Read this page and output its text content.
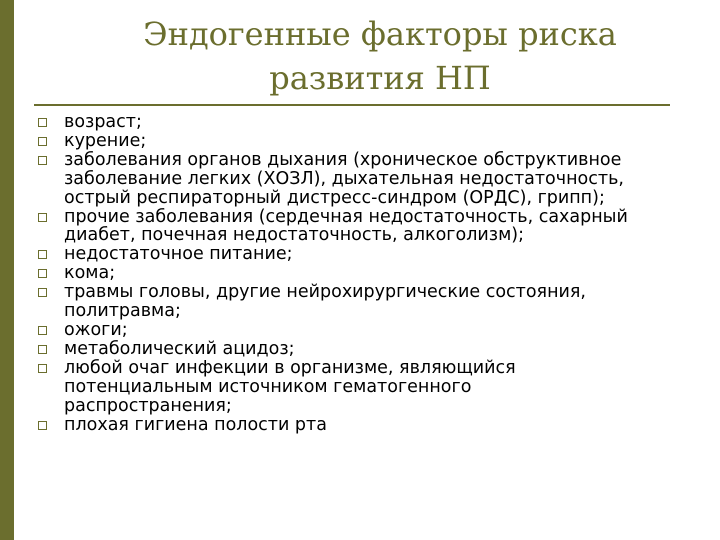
Эндогенные факторы риска
развития НП
возраст;
курение;
заболевания органов дыхания (хроническое обструктивное
заболевание легких (ХОЗЛ), дыхательная недостаточность,
острый респираторный дистресс-синдром (ОРДС), грипп);
прочие заболевания (сердечная недостаточность, сахарный
диабет, почечная недостаточность, алкоголизм);
недостаточное питание;
кома;
травмы головы, другие нейрохирургические состояния,
политравма;
ожоги;
метаболический ацидоз;
любой очаг инфекции в организме, являющийся
потенциальным источником гематогенного
распространения;
плохая гигиена полости рта
